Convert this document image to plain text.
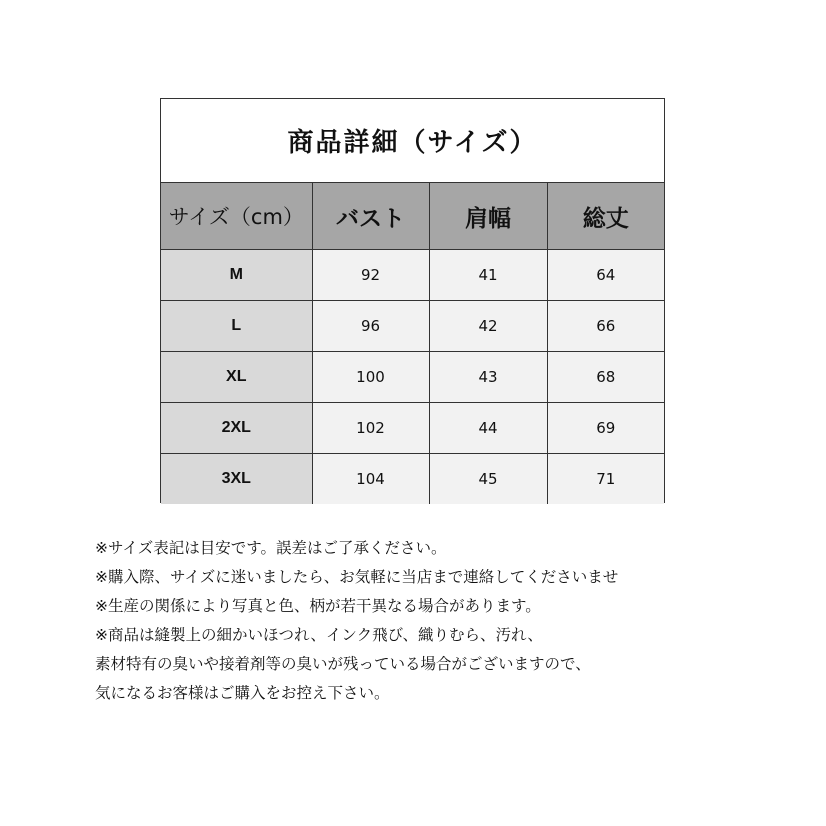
商品詳細（サイズ）
サイズ（cm）	バスト	肩幅	総丈
M	92	41	64
L	96	42	66
XL	100	43	68
2XL	102	44	69
3XL	104	45	71
※サイズ表記は目安です。誤差はご了承ください。
※購入際、サイズに迷いましたら、お気軽に当店まで連絡してくださいませ
※生産の関係により写真と色、柄が若干異なる場合があります。
※商品は縫製上の細かいほつれ、インク飛び、織りむら、汚れ、
素材特有の臭いや接着剤等の臭いが残っている場合がございますので、
気になるお客様はご購入をお控え下さい。
